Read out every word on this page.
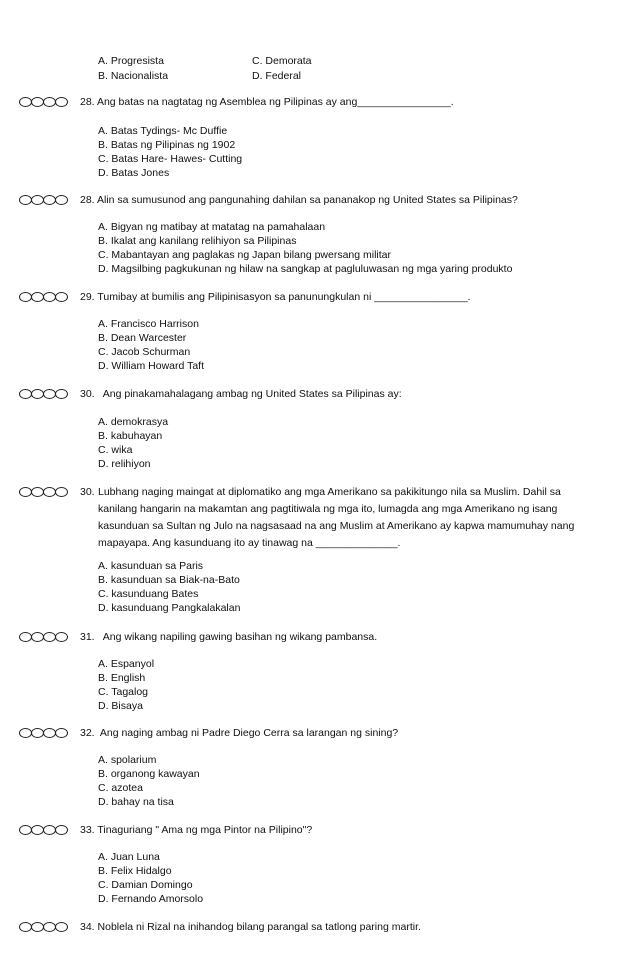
A. Progresista	C. Demorata
B. Nacionalista	D. Federal
28. Ang batas na nagtatag ng Asemblea ng Pilipinas ay ang________________.
A. Batas Tydings- Mc Duffie
B. Batas ng Pilipinas ng 1902
C. Batas Hare- Hawes- Cutting
D. Batas Jones
28. Alin sa sumusunod ang pangunahing dahilan sa pananakop ng United States sa Pilipinas?
A. Bigyan ng matibay at matatag na pamahalaan
B. Ikalat ang kanilang relihiyon sa Pilipinas
C. Mabantayan ang paglakas ng Japan bilang pwersang militar
D. Magsilbing pagkukunan ng hilaw na sangkap at pagluluwasan ng mga yaring produkto
29. Tumibay at bumilis ang Pilipinisasyon sa panunungkulan ni ________________.
A. Francisco Harrison
B. Dean Warcester
C. Jacob Schurman
D. William Howard Taft
30.   Ang pinakamahalagang ambag ng United States sa Pilipinas ay:
A. demokrasya
B. kabuhayan
C. wika
D. relihiyon
30. Lubhang naging maingat at diplomatiko ang mga Amerikano sa pakikitungo nila sa Muslim. Dahil sa kanilang hangarin na makamtan ang pagtitiwala ng mga ito, lumagda ang mga Amerikano ng isang kasunduan sa Sultan ng Julo na nagsasaad na ang Muslim at Amerikano ay kapwa mamumuhay nang mapayapa. Ang kasunduang ito ay tinawag na ______________.
A. kasunduan sa Paris
B. kasunduan sa Biak-na-Bato
C. kasunduang Bates
D. kasunduang Pangkalakalan
31.   Ang wikang napiling gawing basihan ng wikang pambansa.
A. Espanyol
B. English
C. Tagalog
D. Bisaya
32.  Ang naging ambag ni Padre Diego Cerra sa larangan ng sining?
A. spolarium
B. organong kawayan
C. azotea
D. bahay na tisa
33. Tinaguriang " Ama ng mga Pintor na Pilipino"?
A. Juan Luna
B. Felix Hidalgo
C. Damian Domingo
D. Fernando Amorsolo
34. Noblela ni Rizal na inihandog bilang parangal sa tatlong paring martir.
